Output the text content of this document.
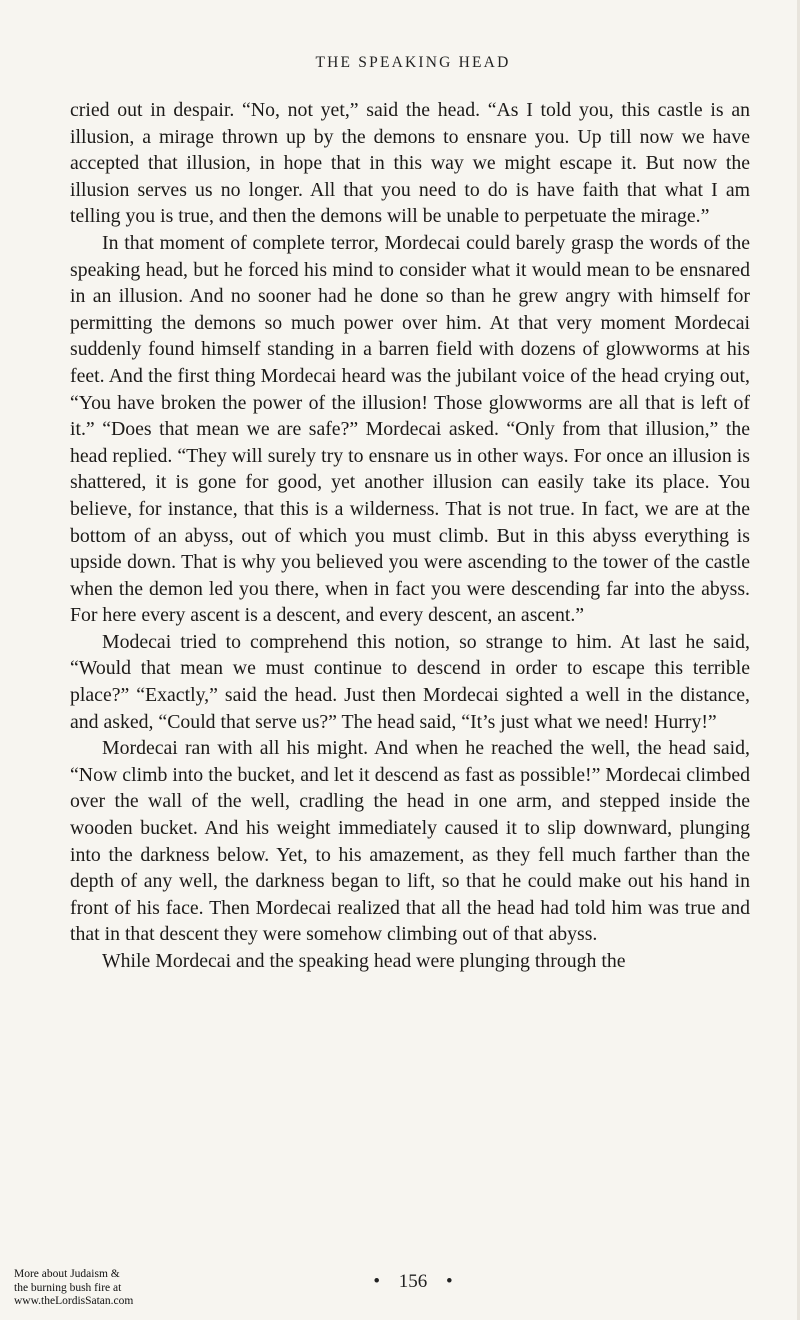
THE SPEAKING HEAD

cried out in despair. “No, not yet,” said the head. “As I told you, this castle is an illusion, a mirage thrown up by the demons to ensnare you. Up till now we have accepted that illusion, in hope that in this way we might escape it. But now the illusion serves us no longer. All that you need to do is have faith that what I am telling you is true, and then the demons will be unable to perpetuate the mirage.”

In that moment of complete terror, Mordecai could barely grasp the words of the speaking head, but he forced his mind to consider what it would mean to be ensnared in an illusion. And no sooner had he done so than he grew angry with himself for permitting the demons so much power over him. At that very moment Mordecai suddenly found himself standing in a barren field with dozens of glowworms at his feet. And the first thing Mordecai heard was the jubilant voice of the head crying out, “You have broken the power of the illusion! Those glowworms are all that is left of it.” “Does that mean we are safe?” Mordecai asked. “Only from that illusion,” the head replied. “They will surely try to ensnare us in other ways. For once an illusion is shattered, it is gone for good, yet another illusion can easily take its place. You believe, for instance, that this is a wilderness. That is not true. In fact, we are at the bottom of an abyss, out of which you must climb. But in this abyss everything is upside down. That is why you believed you were ascending to the tower of the castle when the demon led you there, when in fact you were descending far into the abyss. For here every ascent is a descent, and every descent, an ascent.”

Modecai tried to comprehend this notion, so strange to him. At last he said, “Would that mean we must continue to descend in order to escape this terrible place?” “Exactly,” said the head. Just then Mordecai sighted a well in the distance, and asked, “Could that serve us?” The head said, “It’s just what we need! Hurry!”

Mordecai ran with all his might. And when he reached the well, the head said, “Now climb into the bucket, and let it descend as fast as possible!” Mordecai climbed over the wall of the well, cradling the head in one arm, and stepped inside the wooden bucket. And his weight immediately caused it to slip downward, plunging into the darkness below. Yet, to his amazement, as they fell much farther than the depth of any well, the darkness began to lift, so that he could make out his hand in front of his face. Then Mordecai realized that all the head had told him was true and that in that descent they were somehow climbing out of that abyss.

While Mordecai and the speaking head were plunging through the

• 156 •
More about Judaism &
the burning bush fire at
www.theLordisSatan.com
